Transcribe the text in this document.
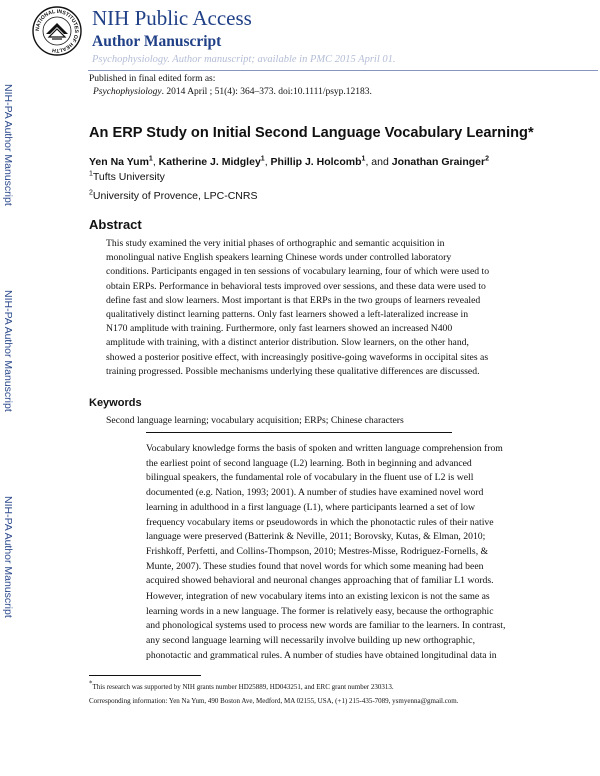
NIH-PA Author Manuscript
NIH-PA Author Manuscript
NIH-PA Author Manuscript
NATIONAL INSTITUTES OF HEALTH
NIH Public Access
Author Manuscript
Psychophysiology. Author manuscript; available in PMC 2015 April 01.
Published in final edited form as:
Psychophysiology. 2014 April ; 51(4): 364–373. doi:10.1111/psyp.12183.
An ERP Study on Initial Second Language Vocabulary Learning*
Yen Na Yum$^1$, Katherine J. Midgley$^1$, Phillip J. Holcomb$^1$, and Jonathan Grainger$^2$
$^1$Tufts University
$^2$University of Provence, LPC-CNRS
Abstract
This study examined the very initial phases of orthographic and semantic acquisition in
monolingual native English speakers learning Chinese words under controlled laboratory
conditions. Participants engaged in ten sessions of vocabulary learning, four of which were used to
obtain ERPs. Performance in behavioral tests improved over sessions, and these data were used to
define fast and slow learners. Most important is that ERPs in the two groups of learners revealed
qualitatively distinct learning patterns. Only fast learners showed a left-lateralized increase in
N170 amplitude with training. Furthermore, only fast learners showed an increased N400
amplitude with training, with a distinct anterior distribution. Slow learners, on the other hand,
showed a posterior positive effect, with increasingly positive-going waveforms in occipital sites as
training progressed. Possible mechanisms underlying these qualitative differences are discussed.
Keywords
Second language learning; vocabulary acquisition; ERPs; Chinese characters
Vocabulary knowledge forms the basis of spoken and written language comprehension from
the earliest point of second language (L2) learning. Both in beginning and advanced
bilingual speakers, the fundamental role of vocabulary in the fluent use of L2 is well
documented (e.g. Nation, 1993; 2001). A number of studies have examined novel word
learning in adulthood in a first language (L1), where participants learned a set of low
frequency vocabulary items or pseudowords in which the phonotactic rules of their native
language were preserved (Batterink & Neville, 2011; Borovsky, Kutas, & Elman, 2010;
Frishkoff, Perfetti, and Collins-Thompson, 2010; Mestres-Misse, Rodriguez-Fornells, &
Munte, 2007). These studies found that novel words for which some meaning had been
acquired showed behavioral and neuronal changes approaching that of familiar L1 words.
However, integration of new vocabulary items into an existing lexicon is not the same as
learning words in a new language. The former is relatively easy, because the orthographic
and phonological systems used to process new words are familiar to the learners. In contrast,
any second language learning will necessarily involve building up new orthographic,
phonotactic and grammatical rules. A number of studies have obtained longitudinal data in
*This research was supported by NIH grants number HD25889, HD043251, and ERC grant number 230313.
Corresponding information: Yen Na Yum, 490 Boston Ave, Medford, MA 02155, USA, (+1) 215-435-7089, ysmyenna@gmail.com.
